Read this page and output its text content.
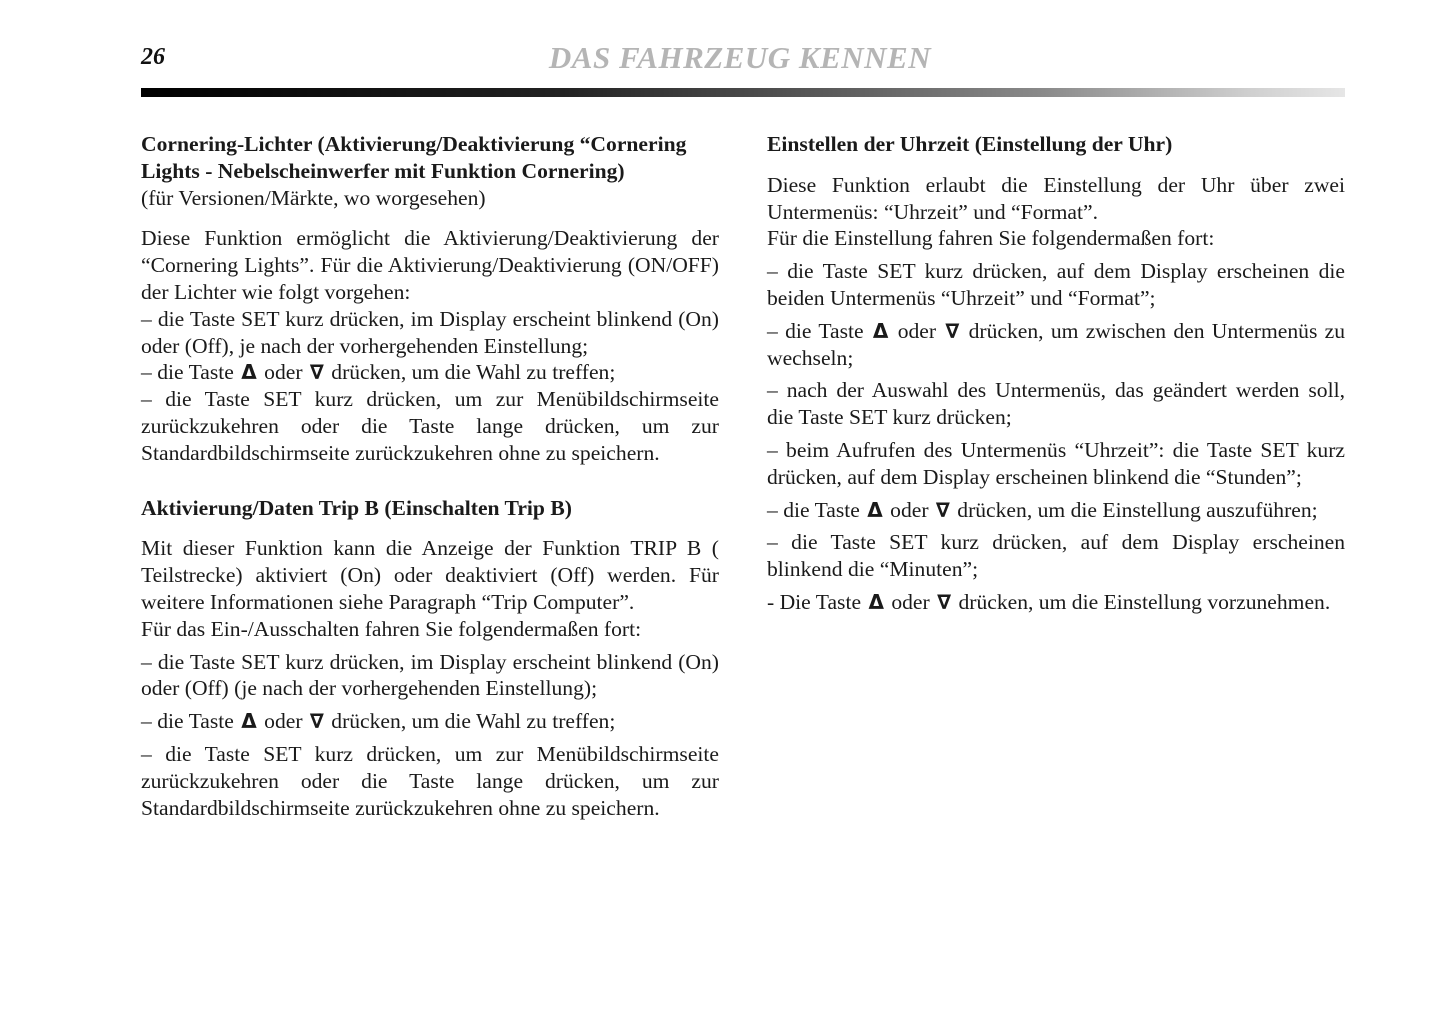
26	DAS FAHRZEUG KENNEN

Cornering-Lichter (Aktivierung/Deaktivierung “Cornering Lights - Nebelscheinwerfer mit Funktion Cornering)

(für Versionen/Märkte, wo worgesehen)

Diese Funktion ermöglicht die Aktivierung/Deaktivierung der “Cornering Lights”. Für die Aktivierung/Deaktivierung (ON/OFF) der Lichter wie folgt vorgehen:

– die Taste SET kurz drücken, im Display erscheint blinkend (On) oder (Off), je nach der vorhergehenden Einstellung;

– die Taste Δ oder ∇ drücken, um die Wahl zu treffen;

– die Taste SET kurz drücken, um zur Menübildschirmseite zurückzukehren oder die Taste lange drücken, um zur Standardbildschirmseite zurückzukehren ohne zu speichern.

Aktivierung/Daten Trip B (Einschalten Trip B)

Mit dieser Funktion kann die Anzeige der Funktion TRIP B ( Teilstrecke) aktiviert (On) oder deaktiviert (Off) werden. Für weitere Informationen siehe Paragraph “Trip Computer”.

Für das Ein-/Ausschalten fahren Sie folgendermaßen fort:

– die Taste SET kurz drücken, im Display erscheint blinkend (On) oder (Off) (je nach der vorhergehenden Einstellung);

– die Taste Δ oder ∇ drücken, um die Wahl zu treffen;

– die Taste SET kurz drücken, um zur Menübildschirmseite zurückzukehren oder die Taste lange drücken, um zur Standardbildschirmseite zurückzukehren ohne zu speichern.

Einstellen der Uhrzeit (Einstellung der Uhr)

Diese Funktion erlaubt die Einstellung der Uhr über zwei Untermenüs: “Uhrzeit” und “Format”.

Für die Einstellung fahren Sie folgendermaßen fort:

– die Taste SET kurz drücken, auf dem Display erscheinen die beiden Untermenüs “Uhrzeit” und “Format”;

– die Taste Δ oder ∇ drücken, um zwischen den Untermenüs zu wechseln;

– nach der Auswahl des Untermenüs, das geändert werden soll, die Taste SET kurz drücken;

– beim Aufrufen des Untermenüs “Uhrzeit”: die Taste SET kurz drücken, auf dem Display erscheinen blinkend die “Stunden”;

– die Taste Δ oder ∇ drücken, um die Einstellung auszuführen;

– die Taste SET kurz drücken, auf dem Display erscheinen blinkend die “Minuten”;

- Die Taste Δ oder ∇ drücken, um die Einstellung vorzunehmen.
